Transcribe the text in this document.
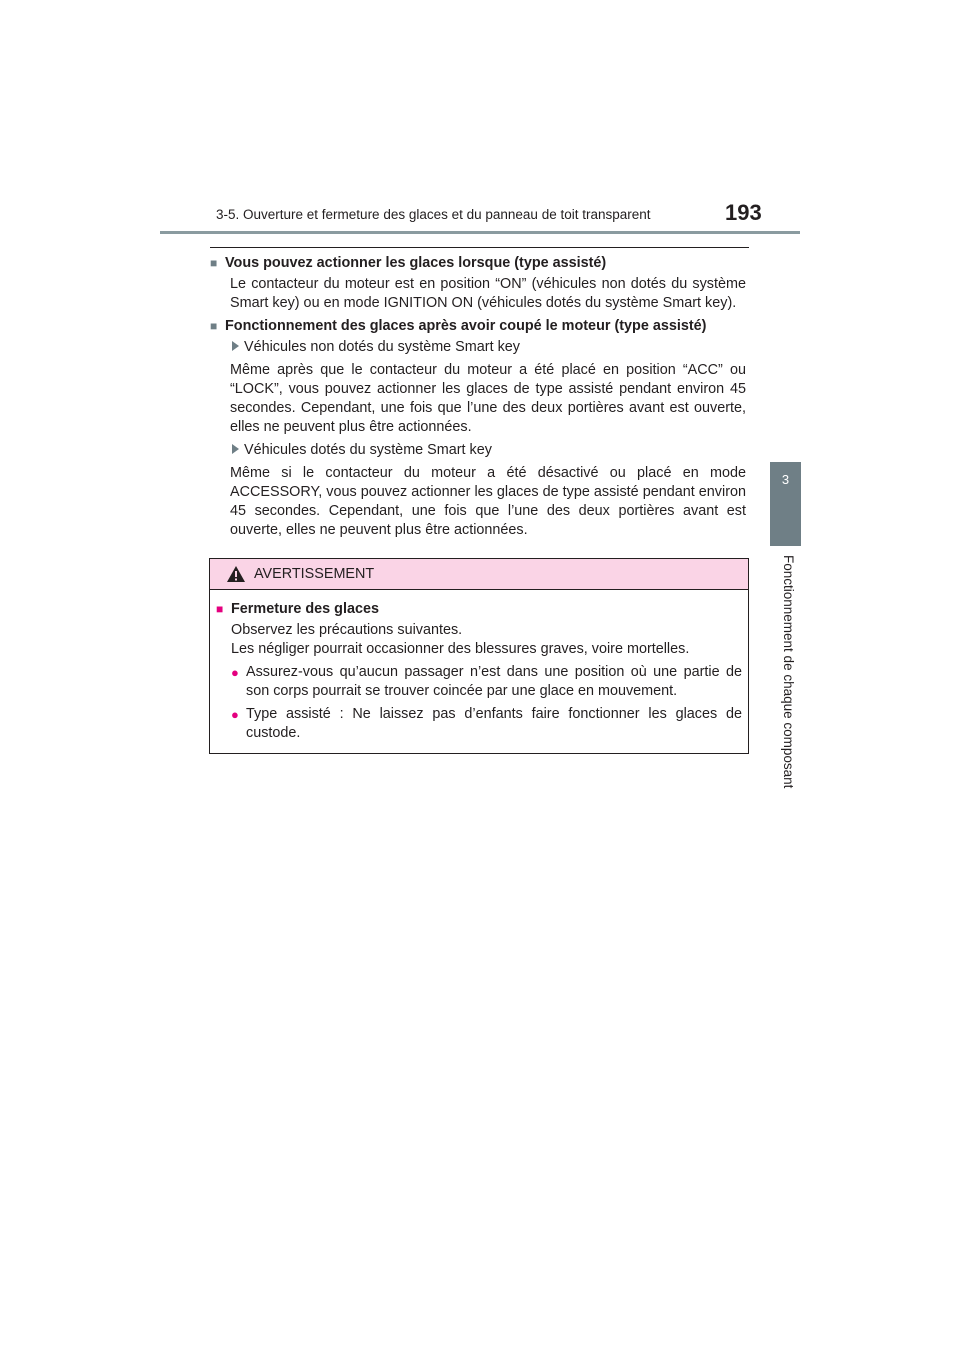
3-5. Ouverture et fermeture des glaces et du panneau de toit transparent	193
3
Fonctionnement de chaque composant
■ Vous pouvez actionner les glaces lorsque (type assisté)
Le contacteur du moteur est en position “ON” (véhicules non dotés du système Smart key) ou en mode IGNITION ON (véhicules dotés du système Smart key).
■ Fonctionnement des glaces après avoir coupé le moteur (type assisté)
Véhicules non dotés du système Smart key
Même après que le contacteur du moteur a été placé en position “ACC” ou “LOCK”, vous pouvez actionner les glaces de type assisté pendant environ 45 secondes. Cependant, une fois que l’une des deux portières avant est ouverte, elles ne peuvent plus être actionnées.
Véhicules dotés du système Smart key
Même si le contacteur du moteur a été désactivé ou placé en mode ACCESSORY, vous pouvez actionner les glaces de type assisté pendant environ 45 secondes. Cependant, une fois que l’une des deux portières avant est ouverte, elles ne peuvent plus être actionnées.
AVERTISSEMENT
■ Fermeture des glaces
Observez les précautions suivantes.
Les négliger pourrait occasionner des blessures graves, voire mortelles.
● Assurez-vous qu’aucun passager n’est dans une position où une partie de son corps pourrait se trouver coincée par une glace en mouvement.
● Type assisté : Ne laissez pas d’enfants faire fonctionner les glaces de custode.
